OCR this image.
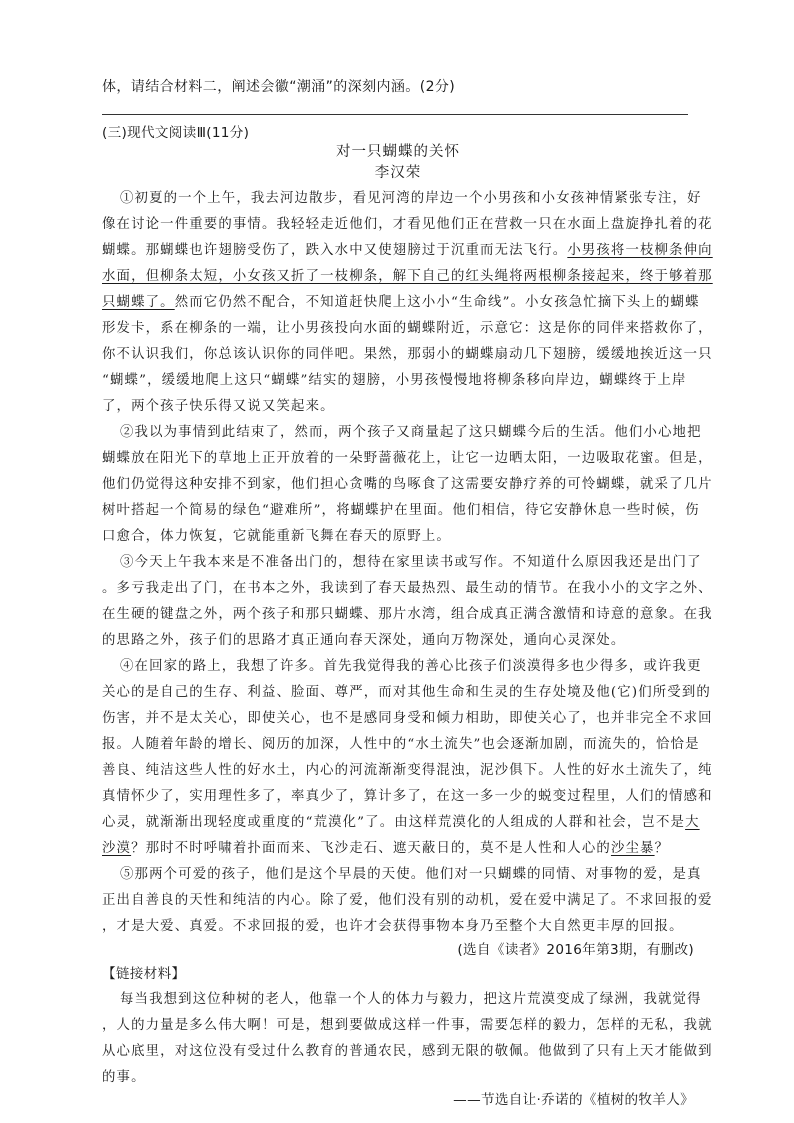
体，请结合材料二，阐述会徽“潮涌”的深刻内涵。(2分)
(三)现代文阅读Ⅲ(11分)
对一只蝴蝶的关怀
李汉荣
①初夏的一个上午，我去河边散步，看见河湾的岸边一个小男孩和小女孩神情紧张专注，好
像在讨论一件重要的事情。我轻轻走近他们，才看见他们正在营救一只在水面上盘旋挣扎着的花
蝴蝶。那蝴蝶也许翅膀受伤了，跌入水中又使翅膀过于沉重而无法飞行。小男孩将一枝柳条伸向
水面，但柳条太短，小女孩又折了一枝柳条，解下自己的红头绳将两根柳条接起来，终于够着那
只蝴蝶了。然而它仍然不配合，不知道赶快爬上这小小“生命线”。小女孩急忙摘下头上的蝴蝶
形发卡，系在柳条的一端，让小男孩投向水面的蝴蝶附近，示意它：这是你的同伴来搭救你了，
你不认识我们，你总该认识你的同伴吧。果然，那弱小的蝴蝶扇动几下翅膀，缓缓地挨近这一只
“蝴蝶”，缓缓地爬上这只“蝴蝶”结实的翅膀，小男孩慢慢地将柳条移向岸边，蝴蝶终于上岸
了，两个孩子快乐得又说又笑起来。
②我以为事情到此结束了，然而，两个孩子又商量起了这只蝴蝶今后的生活。他们小心地把
蝴蝶放在阳光下的草地上正开放着的一朵野蔷薇花上，让它一边晒太阳，一边吸取花蜜。但是，
他们仍觉得这种安排不到家，他们担心贪嘴的鸟啄食了这需要安静疗养的可怜蝴蝶，就采了几片
树叶搭起一个简易的绿色“避难所”，将蝴蝶护在里面。他们相信，待它安静休息一些时候，伤
口愈合，体力恢复，它就能重新飞舞在春天的原野上。
③今天上午我本来是不准备出门的，想待在家里读书或写作。不知道什么原因我还是出门了
。多亏我走出了门，在书本之外，我读到了春天最热烈、最生动的情节。在我小小的文字之外、
在生硬的键盘之外，两个孩子和那只蝴蝶、那片水湾，组合成真正满含激情和诗意的意象。在我
的思路之外，孩子们的思路才真正通向春天深处，通向万物深处，通向心灵深处。
④在回家的路上，我想了许多。首先我觉得我的善心比孩子们淡漠得多也少得多，或许我更
关心的是自己的生存、利益、脸面、尊严，而对其他生命和生灵的生存处境及他(它)们所受到的
伤害，并不是太关心，即使关心，也不是感同身受和倾力相助，即使关心了，也并非完全不求回
报。人随着年龄的增长、阅历的加深，人性中的“水土流失”也会逐渐加剧，而流失的，恰恰是
善良、纯洁这些人性的好水土，内心的河流渐渐变得混浊，泥沙俱下。人性的好水土流失了，纯
真情怀少了，实用理性多了，率真少了，算计多了，在这一多一少的蜕变过程里，人们的情感和
心灵，就渐渐出现轻度或重度的“荒漠化”了。由这样荒漠化的人组成的人群和社会，岂不是大
沙漠？那时不时呼啸着扑面而来、飞沙走石、遮天蔽日的，莫不是人性和人心的沙尘暴？
⑤那两个可爱的孩子，他们是这个早晨的天使。他们对一只蝴蝶的同情、对事物的爱，是真
正出自善良的天性和纯洁的内心。除了爱，他们没有别的动机，爱在爱中满足了。不求回报的爱
，才是大爱、真爱。不求回报的爱，也许才会获得事物本身乃至整个大自然更丰厚的回报。
(选自《读者》2016年第3期，有删改)
【链接材料】
每当我想到这位种树的老人，他靠一个人的体力与毅力，把这片荒漠变成了绿洲，我就觉得
，人的力量是多么伟大啊！可是，想到要做成这样一件事，需要怎样的毅力，怎样的无私，我就
从心底里，对这位没有受过什么教育的普通农民，感到无限的敬佩。他做到了只有上天才能做到
的事。
——节选自让·乔诺的《植树的牧羊人》
